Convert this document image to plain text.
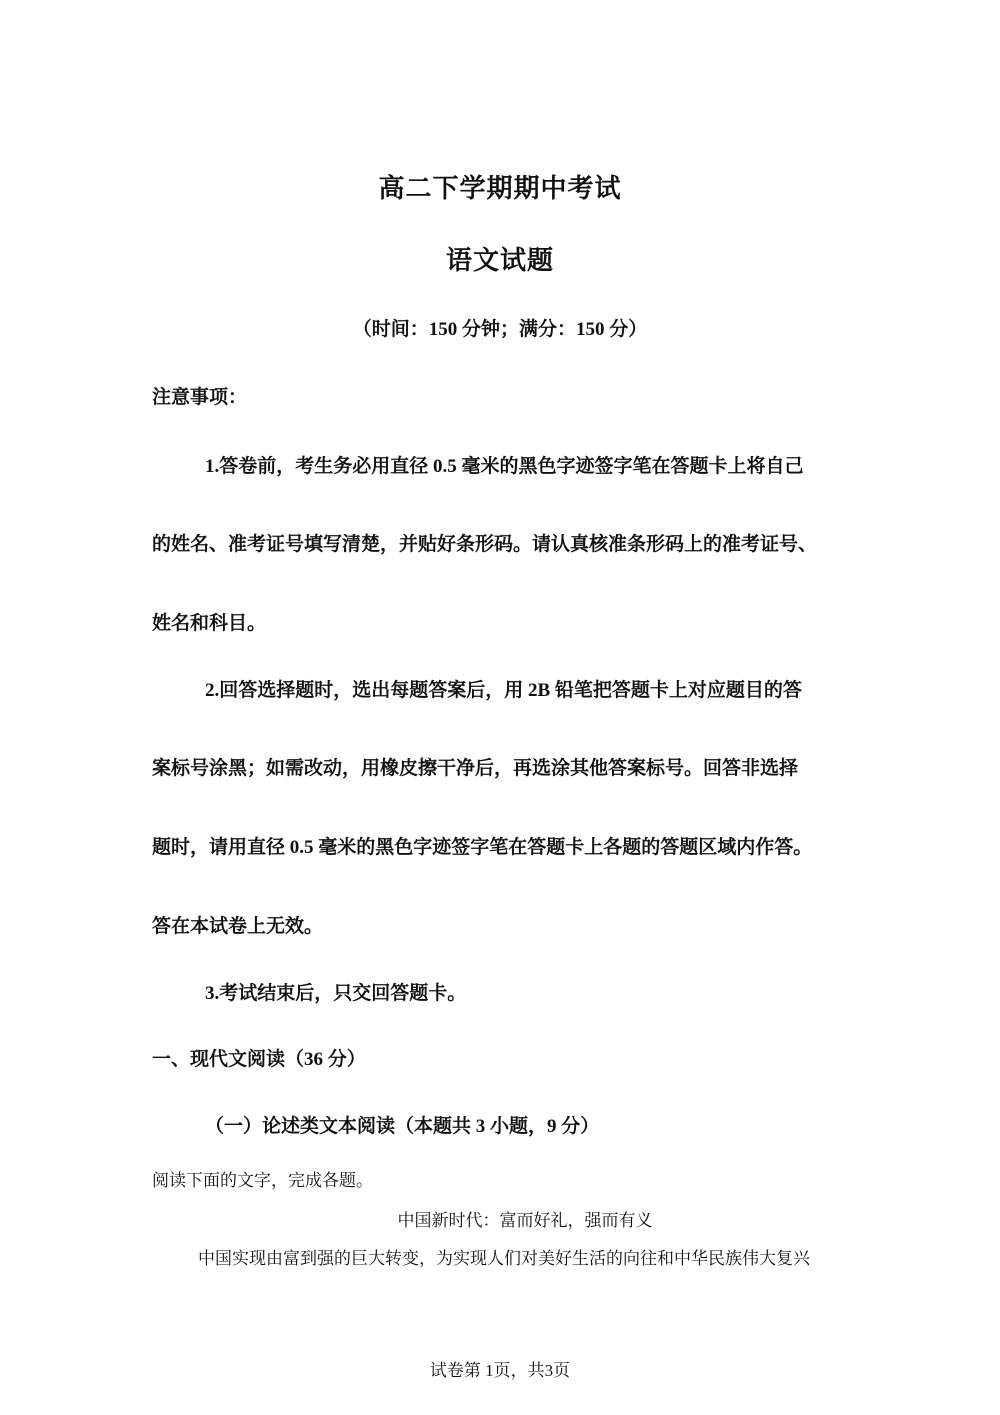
高二下学期期中考试
语文试题
（时间：150 分钟；满分：150 分）
注意事项：
1.答卷前，考生务必用直径 0.5 毫米的黑色字迹签字笔在答题卡上将自己
的姓名、准考证号填写清楚，并贴好条形码。请认真核准条形码上的准考证号、
姓名和科目。
2.回答选择题时，选出每题答案后，用 2B 铅笔把答题卡上对应题目的答
案标号涂黑；如需改动，用橡皮擦干净后，再选涂其他答案标号。回答非选择
题时，请用直径 0.5 毫米的黑色字迹签字笔在答题卡上各题的答题区域内作答。
答在本试卷上无效。
3.考试结束后，只交回答题卡。
一、现代文阅读（36 分）
（一）论述类文本阅读（本题共 3 小题，9 分）
阅读下面的文字，完成各题。
中国新时代：富而好礼，强而有义
中国实现由富到强的巨大转变，为实现人们对美好生活的向往和中华民族伟大复兴
试卷第 1页，共3页
